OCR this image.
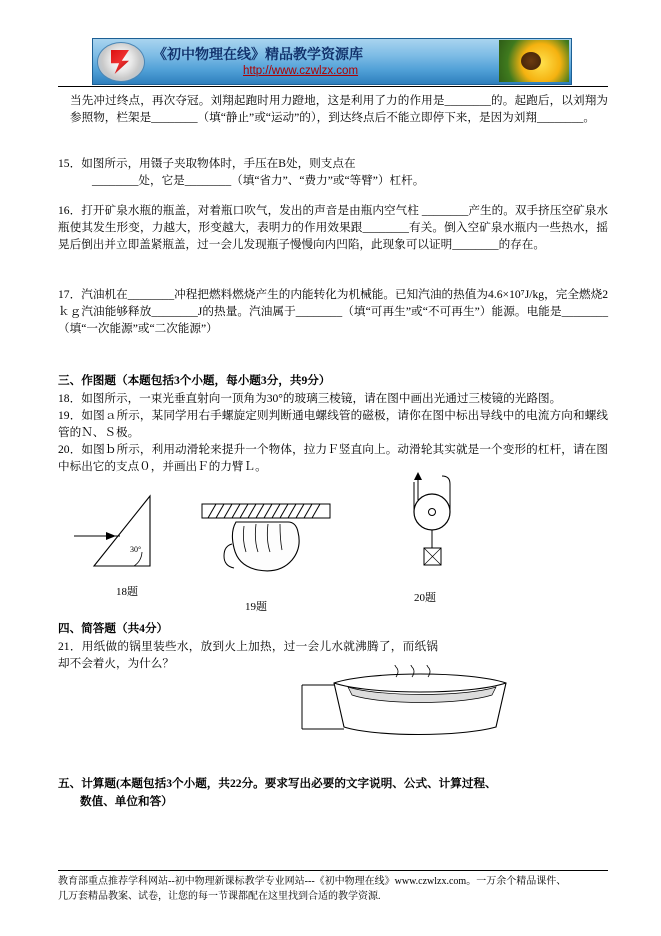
《初中物理在线》精品教学资源库
http://www.czwlzx.com
当先冲过终点，再次夺冠。刘翔起跑时用力蹬地，这是利用了力的作用是________的。起跑后，以刘翔为参照物，栏架是________（填“静止”或“运动”的），到达终点后不能立即停下来，是因为刘翔________。
15．如图所示，用镊子夹取物体时，手压在B处，则支点在
________处，它是________（填“省力”、“费力”或“等臂”）杠杆。
16．打开矿泉水瓶的瓶盖，对着瓶口吹气，发出的声音是由瓶内空气柱 ________产生的。双手挤压空矿泉水瓶使其发生形变，力越大，形变越大，表明力的作用效果跟________有关。倒入空矿泉水瓶内一些热水，摇晃后倒出并立即盖紧瓶盖，过一会儿发现瓶子慢慢向内凹陷，此现象可以证明________的存在。
17．汽油机在________冲程把燃料燃烧产生的内能转化为机械能。已知汽油的热值为4.6×10⁷J/kg，完全燃烧2ｋｇ汽油能够释放________J的热量。汽油属于________（填“可再生”或“不可再生”）能源。电能是________（填“一次能源”或“二次能源”）
三、作图题（本题包括3个小题，每小题3分，共9分）
18．如图所示，一束光垂直射向一顶角为30°的玻璃三棱镜，请在图中画出光通过三棱镜的光路图。
19．如图ａ所示，某同学用右手螺旋定则判断通电螺线管的磁极，请你在图中标出导线中的电流方向和螺线管的Ｎ、Ｓ极。
20．如图ｂ所示，利用动滑轮来提升一个物体，拉力Ｆ竖直向上。动滑轮其实就是一个变形的杠杆，请在图中标出它的支点０，并画出Ｆ的力臂Ｌ。
30°
18题
19题
20题
四、简答题（共4分）
21．用纸做的锅里装些水，放到火上加热，过一会儿水就沸腾了，而纸锅却不会着火，为什么？
五、计算题(本题包括3个小题，共22分。要求写出必要的文字说明、公式、计算过程、
数值、单位和答）
教育部重点推荐学科网站--初中物理新课标教学专业网站---《初中物理在线》www.czwlzx.com。一万余个精品课件、
几万套精品教案、试卷，让您的每一节课都配在这里找到合适的教学资源.
